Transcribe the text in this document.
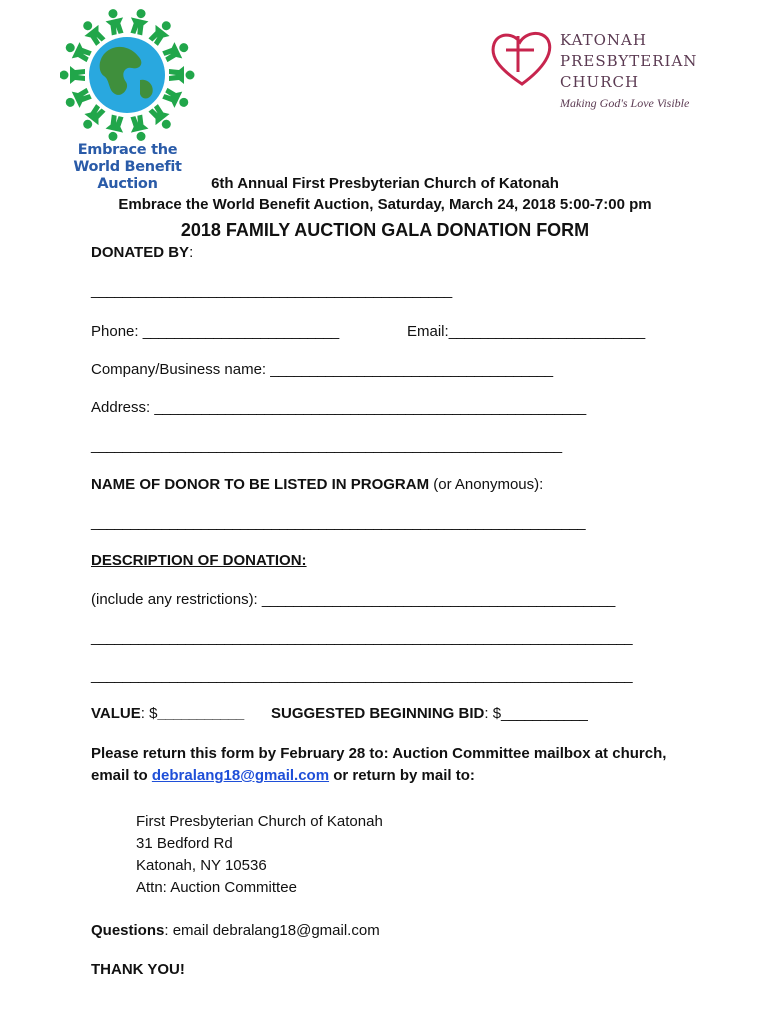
Embrace the World Benefit Auction
KATONAH
PRESBYTERIAN
CHURCH
Making God's Love Visible
6th Annual First Presbyterian Church of Katonah
Embrace the World Benefit Auction, Saturday, March 24, 2018 5:00-7:00 pm
2018 FAMILY AUCTION GALA DONATION FORM
DONATED BY:
______________________________________________
Phone: _________________________	Email:_________________________
Company/Business name: ____________________________________
Address: _______________________________________________________
____________________________________________________________
NAME OF DONOR TO BE LISTED IN PROGRAM (or Anonymous):
_______________________________________________________________
DESCRIPTION OF DONATION:
(include any restrictions): _____________________________________________
_____________________________________________________________________
_____________________________________________________________________
VALUE: $___________ SUGGESTED BEGINNING BID: $___________
Please return this form by February 28 to: Auction Committee mailbox at church,
email to debralang18@gmail.com or return by mail to:
First Presbyterian Church of Katonah
31 Bedford Rd
Katonah, NY 10536
Attn: Auction Committee
Questions: email debralang18@gmail.com
THANK YOU!
